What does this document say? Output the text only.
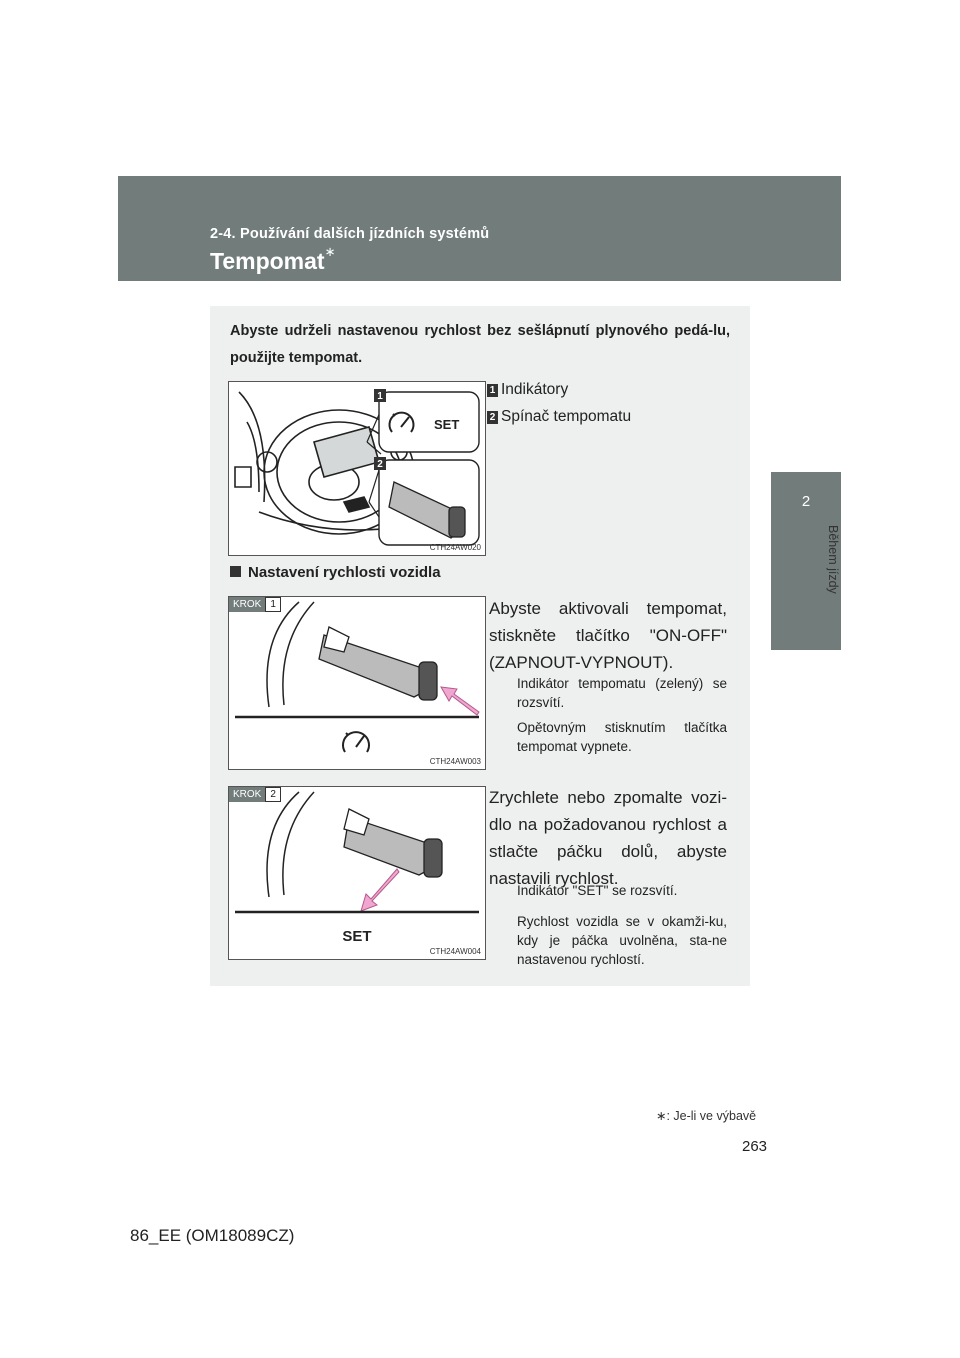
2-4. Používání dalších jízdních systémů
Tempomat∗
2
Během jízdy
Abyste udrželi nastavenou rychlost bez sešlápnutí plynového pedá-lu, použijte tempomat.
1
2
SET
CTH24AW020
1 Indikátory
2 Spínač tempomatu
Nastavení rychlosti vozidla
KROK 1
CTH24AW003
Abyste aktivovali tempomat, stiskněte tlačítko "ON-OFF" (ZAPNOUT-VYPNOUT).
Indikátor tempomatu (zelený) se rozsvítí.
Opětovným stisknutím tlačítka tempomat vypnete.
KROK 2
SET
CTH24AW004
Zrychlete nebo zpomalte vozi-dlo na požadovanou rychlost a stlačte páčku dolů, abyste nastavili rychlost.
Indikátor "SET" se rozsvítí.
Rychlost vozidla se v okamži-ku, kdy je páčka uvolněna, sta-ne nastavenou rychlostí.
∗: Je-li ve výbavě
263
86_EE (OM18089CZ)
